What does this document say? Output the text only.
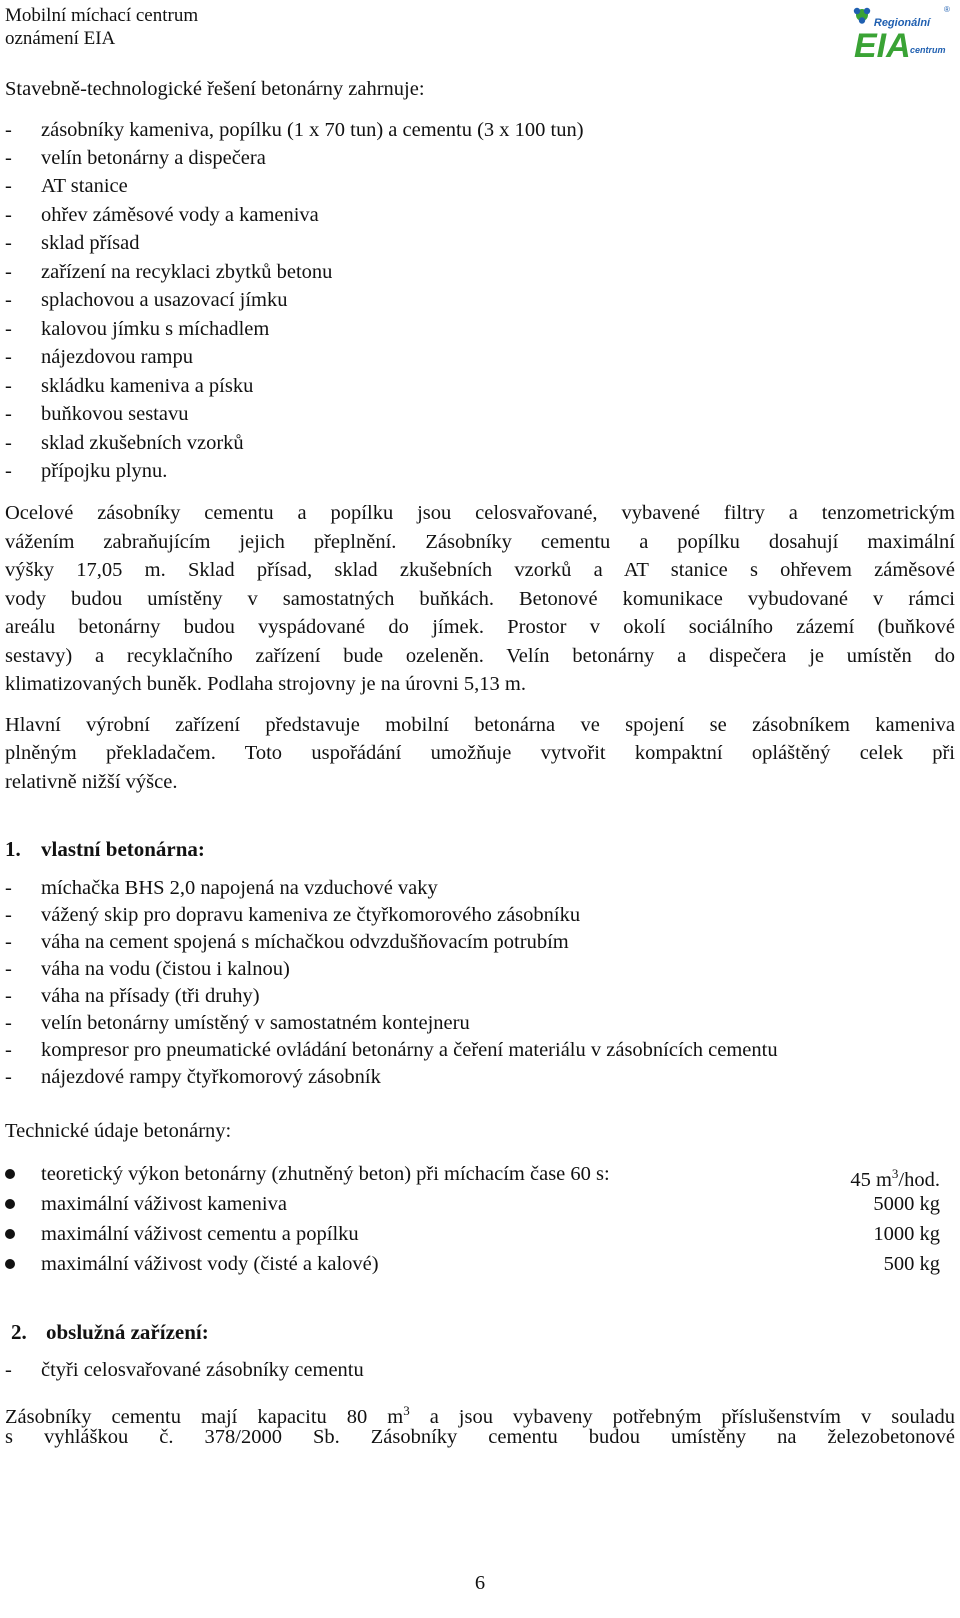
Mobilní míchací centrum
oznámení EIA
®
Regionální
EIA centrum
Stavebně-technologické řešení betonárny zahrnuje:
- zásobníky kameniva, popílku (1 x 70 tun) a cementu (3 x 100 tun)
- velín betonárny a dispečera
- AT stanice
- ohřev záměsové vody a kameniva
- sklad přísad
- zařízení na recyklaci zbytků betonu
- splachovou a usazovací jímku
- kalovou jímku s míchadlem
- nájezdovou rampu
- skládku kameniva a písku
- buňkovou sestavu
- sklad zkušebních vzorků
- přípojku plynu.
Ocelové zásobníky cementu a popílku jsou celosvařované, vybavené filtry a tenzometrickým
vážením zabraňujícím jejich přeplnění. Zásobníky cementu a popílku dosahují maximální
výšky 17,05 m. Sklad přísad, sklad zkušebních vzorků a AT stanice s ohřevem záměsové
vody budou umístěny v samostatných buňkách. Betonové komunikace vybudované v rámci
areálu betonárny budou vyspádované do jímek. Prostor v okolí sociálního zázemí (buňkové
sestavy) a recyklačního zařízení bude ozeleněn. Velín betonárny a dispečera je umístěn do
klimatizovaných buněk. Podlaha strojovny je na úrovni 5,13 m.
Hlavní výrobní zařízení představuje mobilní betonárna ve spojení se zásobníkem kameniva
plněným překladačem. Toto uspořádání umožňuje vytvořit kompaktní opláštěný celek při
relativně nižší výšce.
1. vlastní betonárna:
- míchačka BHS 2,0 napojená na vzduchové vaky
- vážený skip pro dopravu kameniva ze čtyřkomorového zásobníku
- váha na cement spojená s míchačkou odvzdušňovacím potrubím
- váha na vodu (čistou i kalnou)
- váha na přísady (tři druhy)
- velín betonárny umístěný v samostatném kontejneru
- kompresor pro pneumatické ovládání betonárny a čeření materiálu v zásobnících cementu
- nájezdové rampy čtyřkomorový zásobník
Technické údaje betonárny:
teoretický výkon betonárny (zhutněný beton) při míchacím čase 60 s:	45 $m^3$/hod.
maximální váživost kameniva	5000 kg
maximální váživost cementu a popílku	1000 kg
maximální váživost vody (čisté a kalové)	500 kg
2. obslužná zařízení:
- čtyři celosvařované zásobníky cementu
Zásobníky cementu mají kapacitu 80 $m^3$ a jsou vybaveny potřebným příslušenstvím v souladu
s vyhláškou č. 378/2000 Sb. Zásobníky cementu budou umístěny na železobetonové
6
